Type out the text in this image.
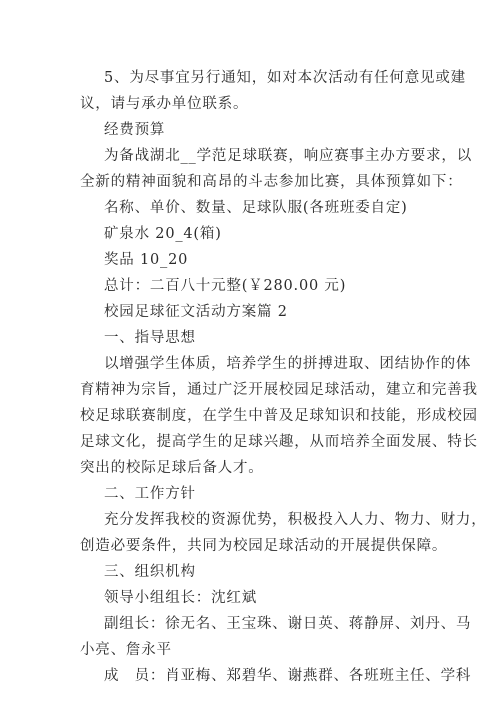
5、为尽事宜另行通知，如对本次活动有任何意见或建
议，请与承办单位联系。
经费预算
为备战湖北__学范足球联赛，响应赛事主办方要求，以
全新的精神面貌和高昂的斗志参加比赛，具体预算如下：
名称、单价、数量、足球队服(各班班委自定)
矿泉水 20_4(箱)
奖品 10_20
总计：二百八十元整(￥280.00 元)
校园足球征文活动方案篇 2
一、指导思想
以增强学生体质，培养学生的拼搏进取、团结协作的体
育精神为宗旨，通过广泛开展校园足球活动，建立和完善我
校足球联赛制度，在学生中普及足球知识和技能，形成校园
足球文化，提高学生的足球兴趣，从而培养全面发展、特长
突出的校际足球后备人才。
二、工作方针
充分发挥我校的资源优势，积极投入人力、物力、财力，
创造必要条件，共同为校园足球活动的开展提供保障。
三、组织机构
领导小组组长：沈红斌
副组长：徐无名、王宝珠、谢日英、蒋静屏、刘丹、马
小亮、詹永平
成　员：肖亚梅、郑碧华、谢燕群、各班班主任、学科
